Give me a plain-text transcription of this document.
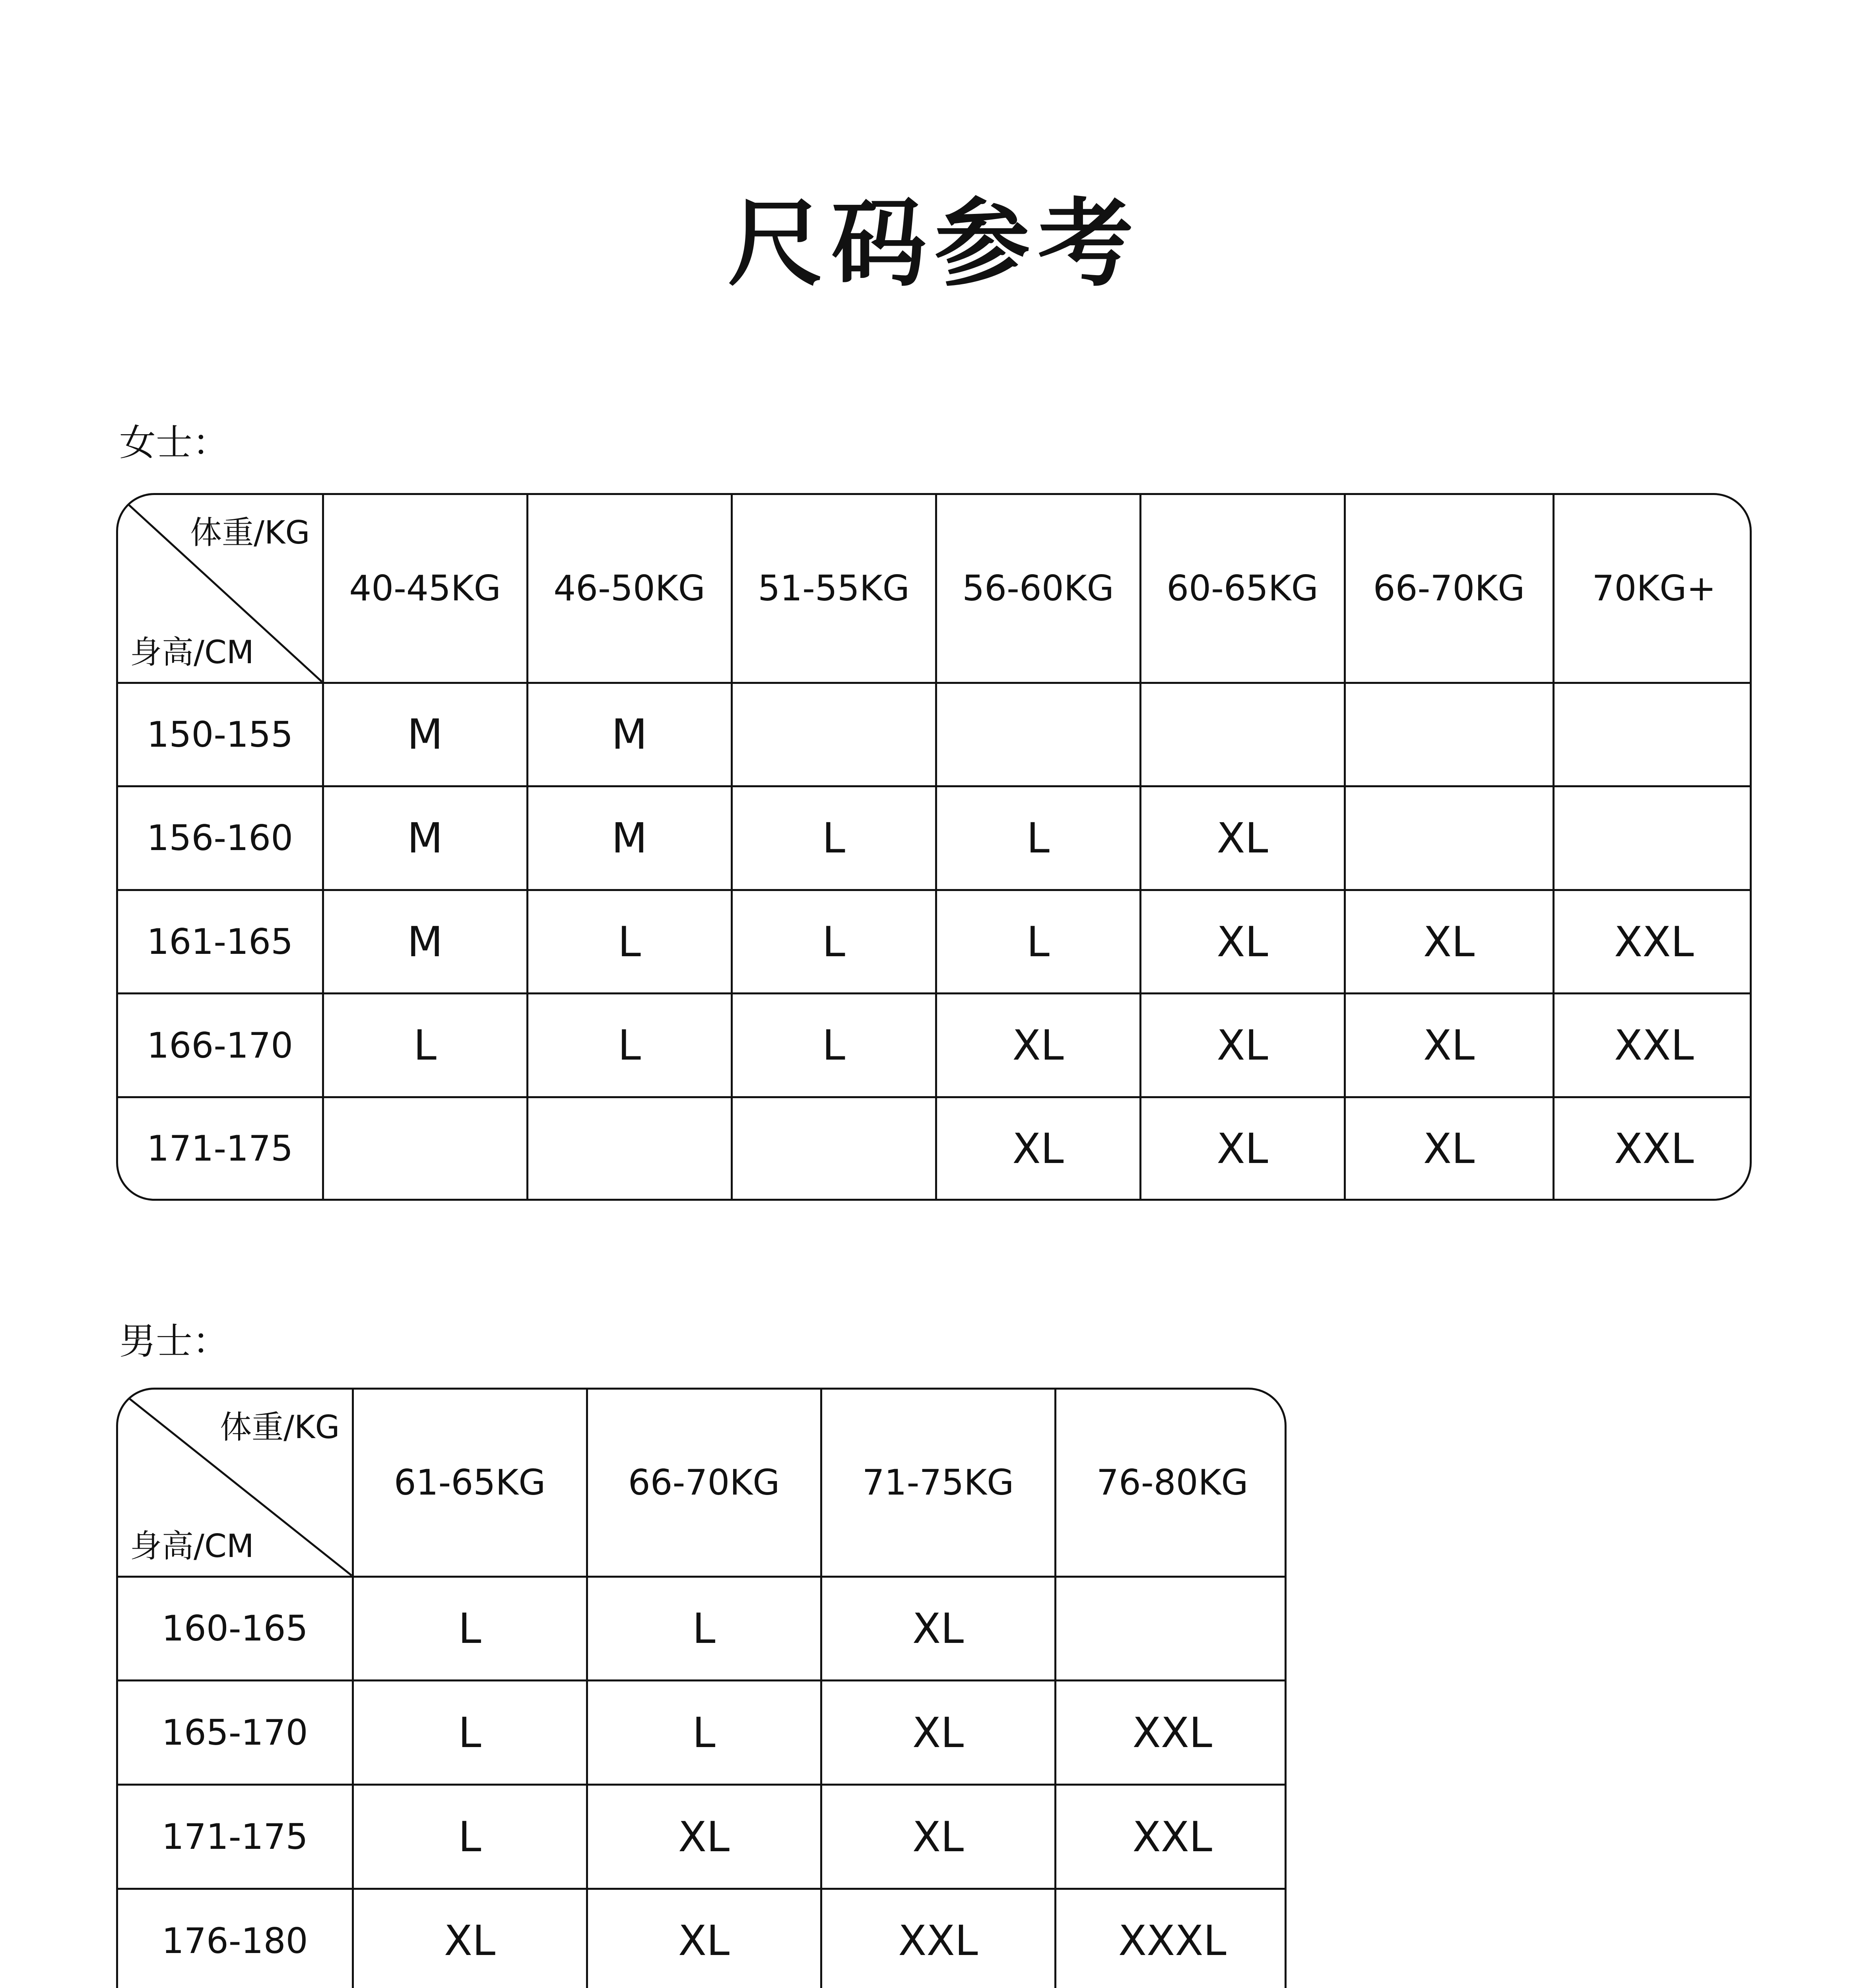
尺码参考
女士：
体重/KG
身高/CM	40-45KG	46-50KG	51-55KG	56-60KG	60-65KG	66-70KG	70KG+
150-155	M	M					
156-160	M	M	L	L	XL		
161-165	M	L	L	L	XL	XL	XXL
166-170	L	L	L	XL	XL	XL	XXL
171-175				XL	XL	XL	XXL
男士：
体重/KG
身高/CM	61-65KG	66-70KG	71-75KG	76-80KG
160-165	L	L	XL	
165-170	L	L	XL	XXL
171-175	L	XL	XL	XXL
176-180	XL	XL	XXL	XXXL
